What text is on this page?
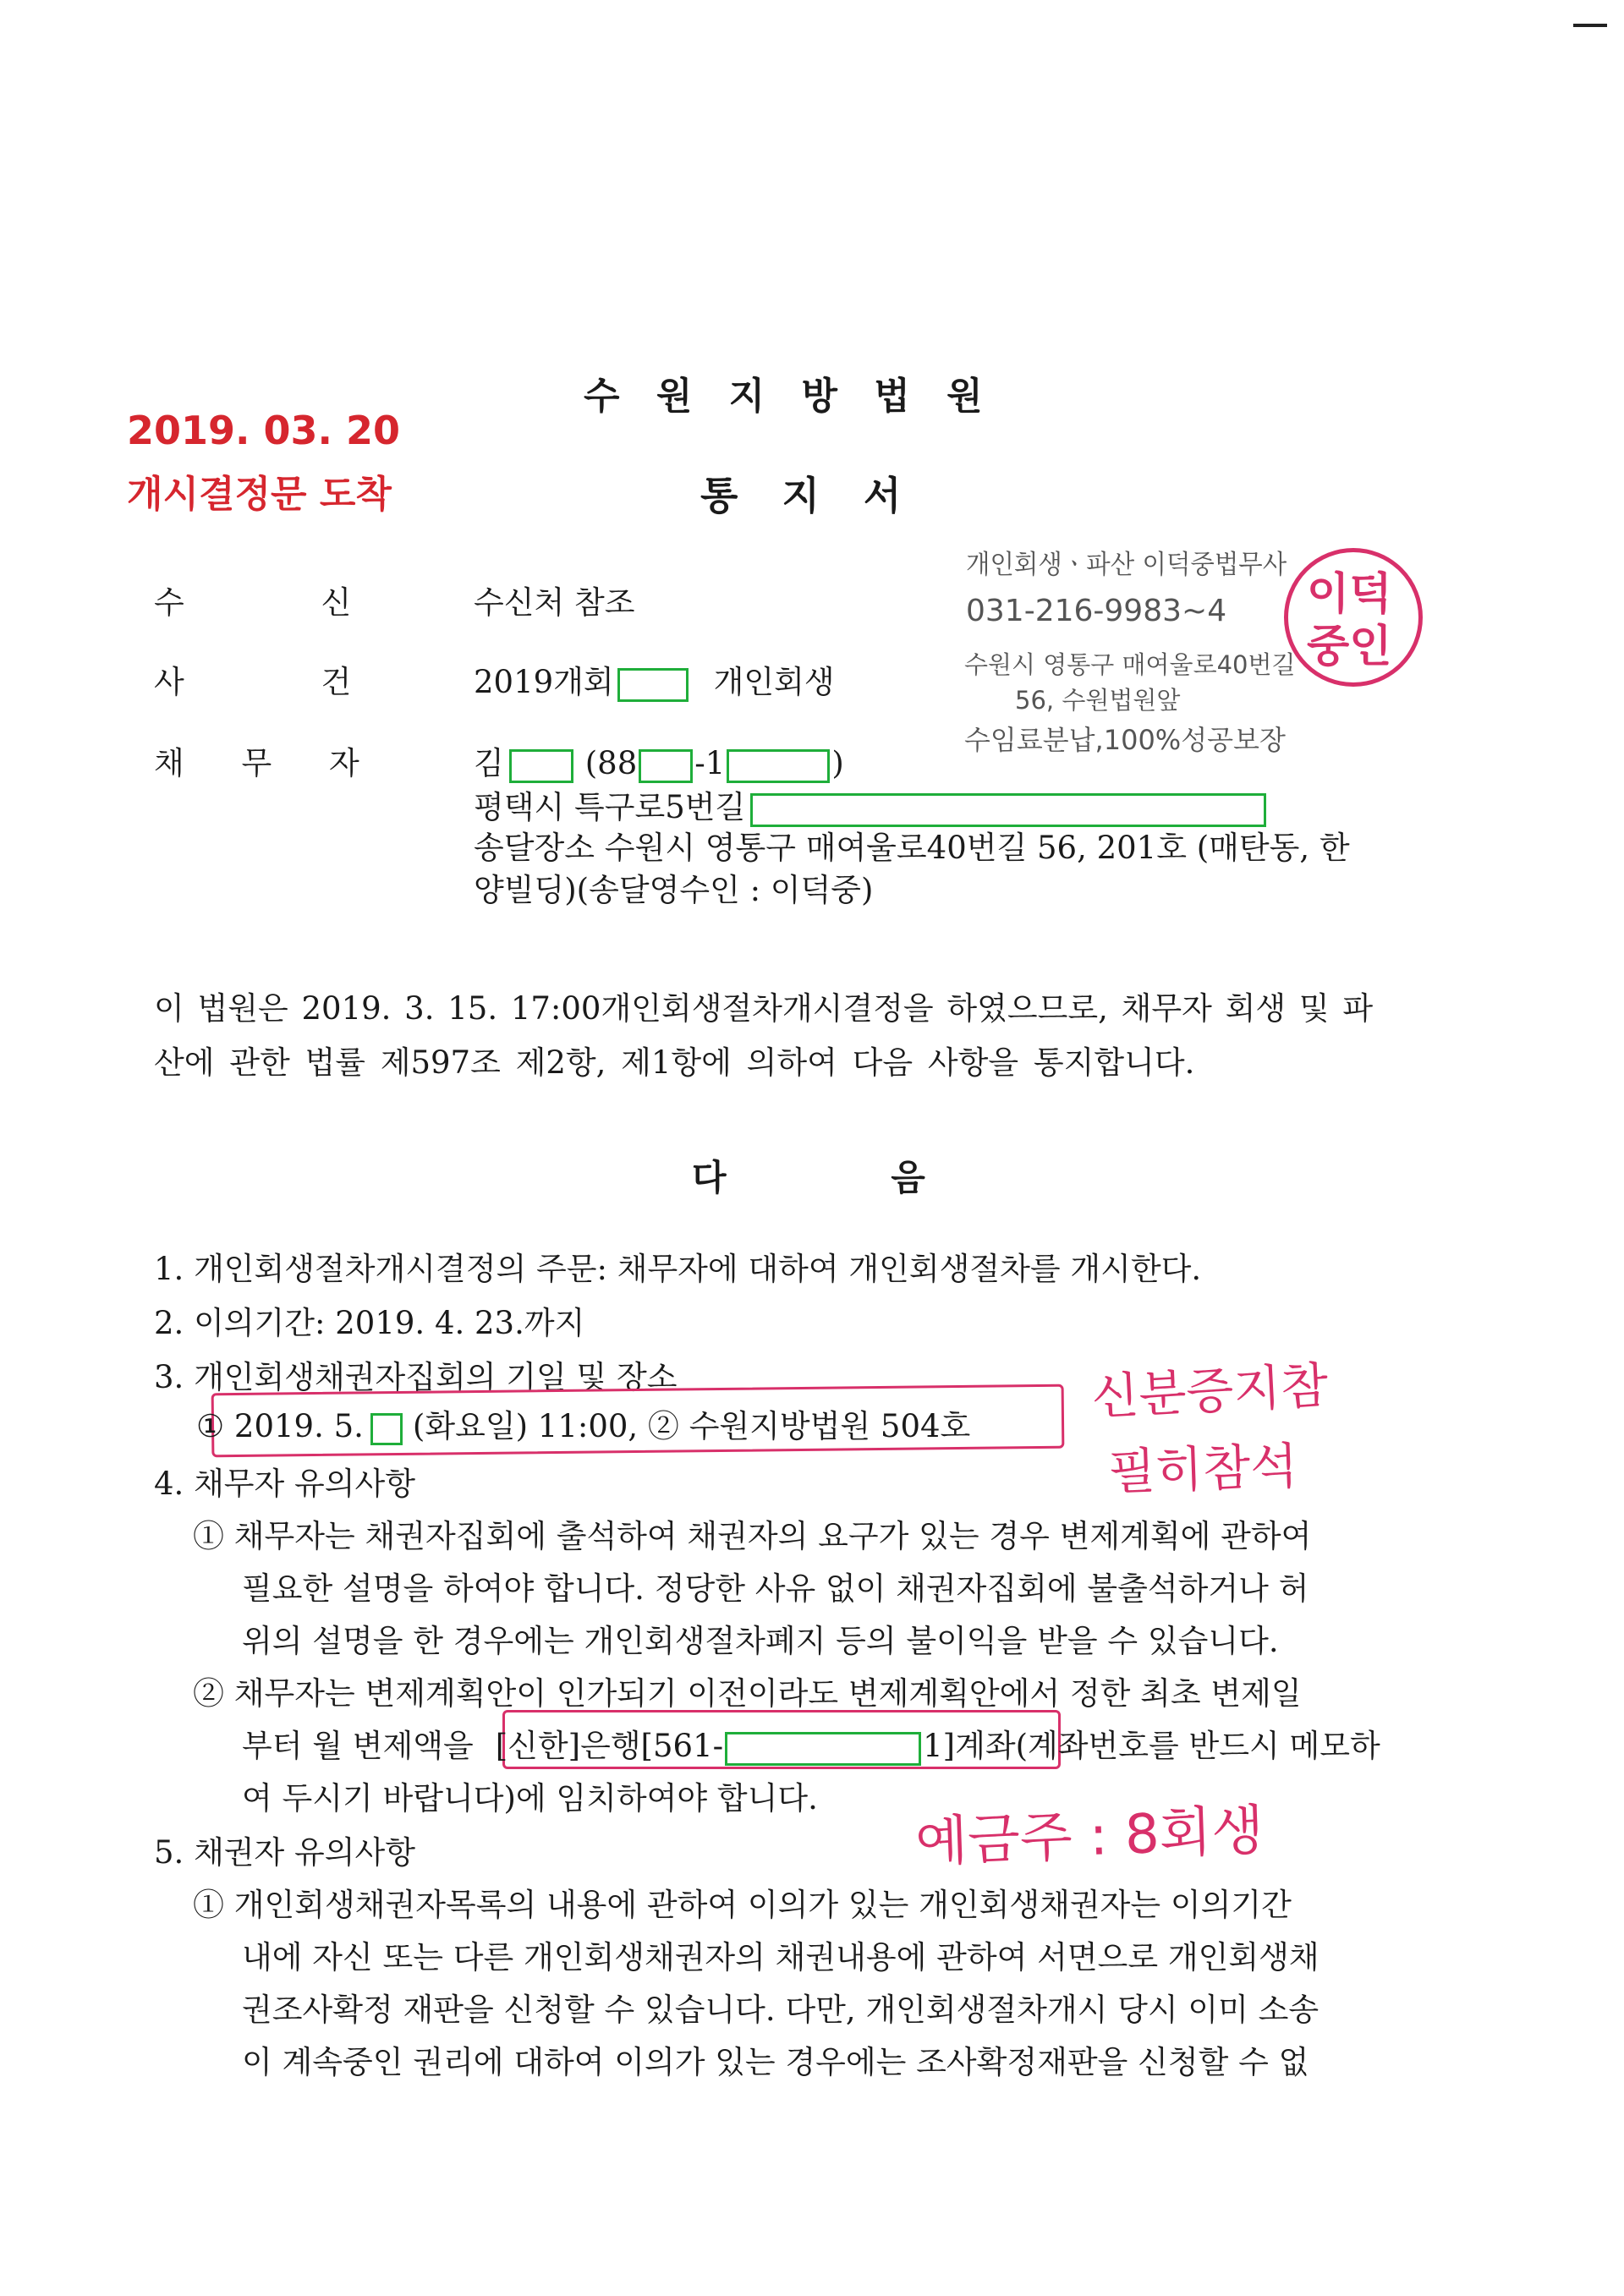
수 원 지 방 법 원
통 지 서
2019. 03. 20
개시결정문 도착
개인회생ㆍ파산 이덕중법무사
031-216-9983~4
수원시 영통구 매여울로40번길
56, 수원법원앞
수임료분납,100%성공보장
이덕
중인
수 신	수신처 참조
사 건	2019개회	개인회생
채 무 자	김	(88 -1	)
평택시 특구로5번길
송달장소 수원시 영통구 매여울로40번길 56, 201호 (매탄동, 한
양빌딩)(송달영수인 : 이덕중)
이 법원은 2019. 3. 15. 17:00개인회생절차개시결정을 하였으므로, 채무자 회생 및 파
산에 관한 법률 제597조 제2항, 제1항에 의하여 다음 사항을 통지합니다.
다 음
1. 개인회생절차개시결정의 주문: 채무자에 대하여 개인회생절차를 개시한다.
2. 이의기간: 2019. 4. 23.까지
3. 개인회생채권자집회의 기일 및 장소
① 2019. 5. (화요일) 11:00, ② 수원지방법원 504호
신분증지참
필히참석
4. 채무자 유의사항
① 채무자는 채권자집회에 출석하여 채권자의 요구가 있는 경우 변제계획에 관하여
필요한 설명을 하여야 합니다. 정당한 사유 없이 채권자집회에 불출석하거나 허
위의 설명을 한 경우에는 개인회생절차폐지 등의 불이익을 받을 수 있습니다.
② 채무자는 변제계획안이 인가되기 이전이라도 변제계획안에서 정한 최초 변제일
부터 월 변제액을 [신한]은행[561-	1]계좌(계좌번호를 반드시 메모하
여 두시기 바랍니다)에 임치하여야 합니다.
예금주 : 8회생
5. 채권자 유의사항
① 개인회생채권자목록의 내용에 관하여 이의가 있는 개인회생채권자는 이의기간
내에 자신 또는 다른 개인회생채권자의 채권내용에 관하여 서면으로 개인회생채
권조사확정 재판을 신청할 수 있습니다. 다만, 개인회생절차개시 당시 이미 소송
이 계속중인 권리에 대하여 이의가 있는 경우에는 조사확정재판을 신청할 수 없
